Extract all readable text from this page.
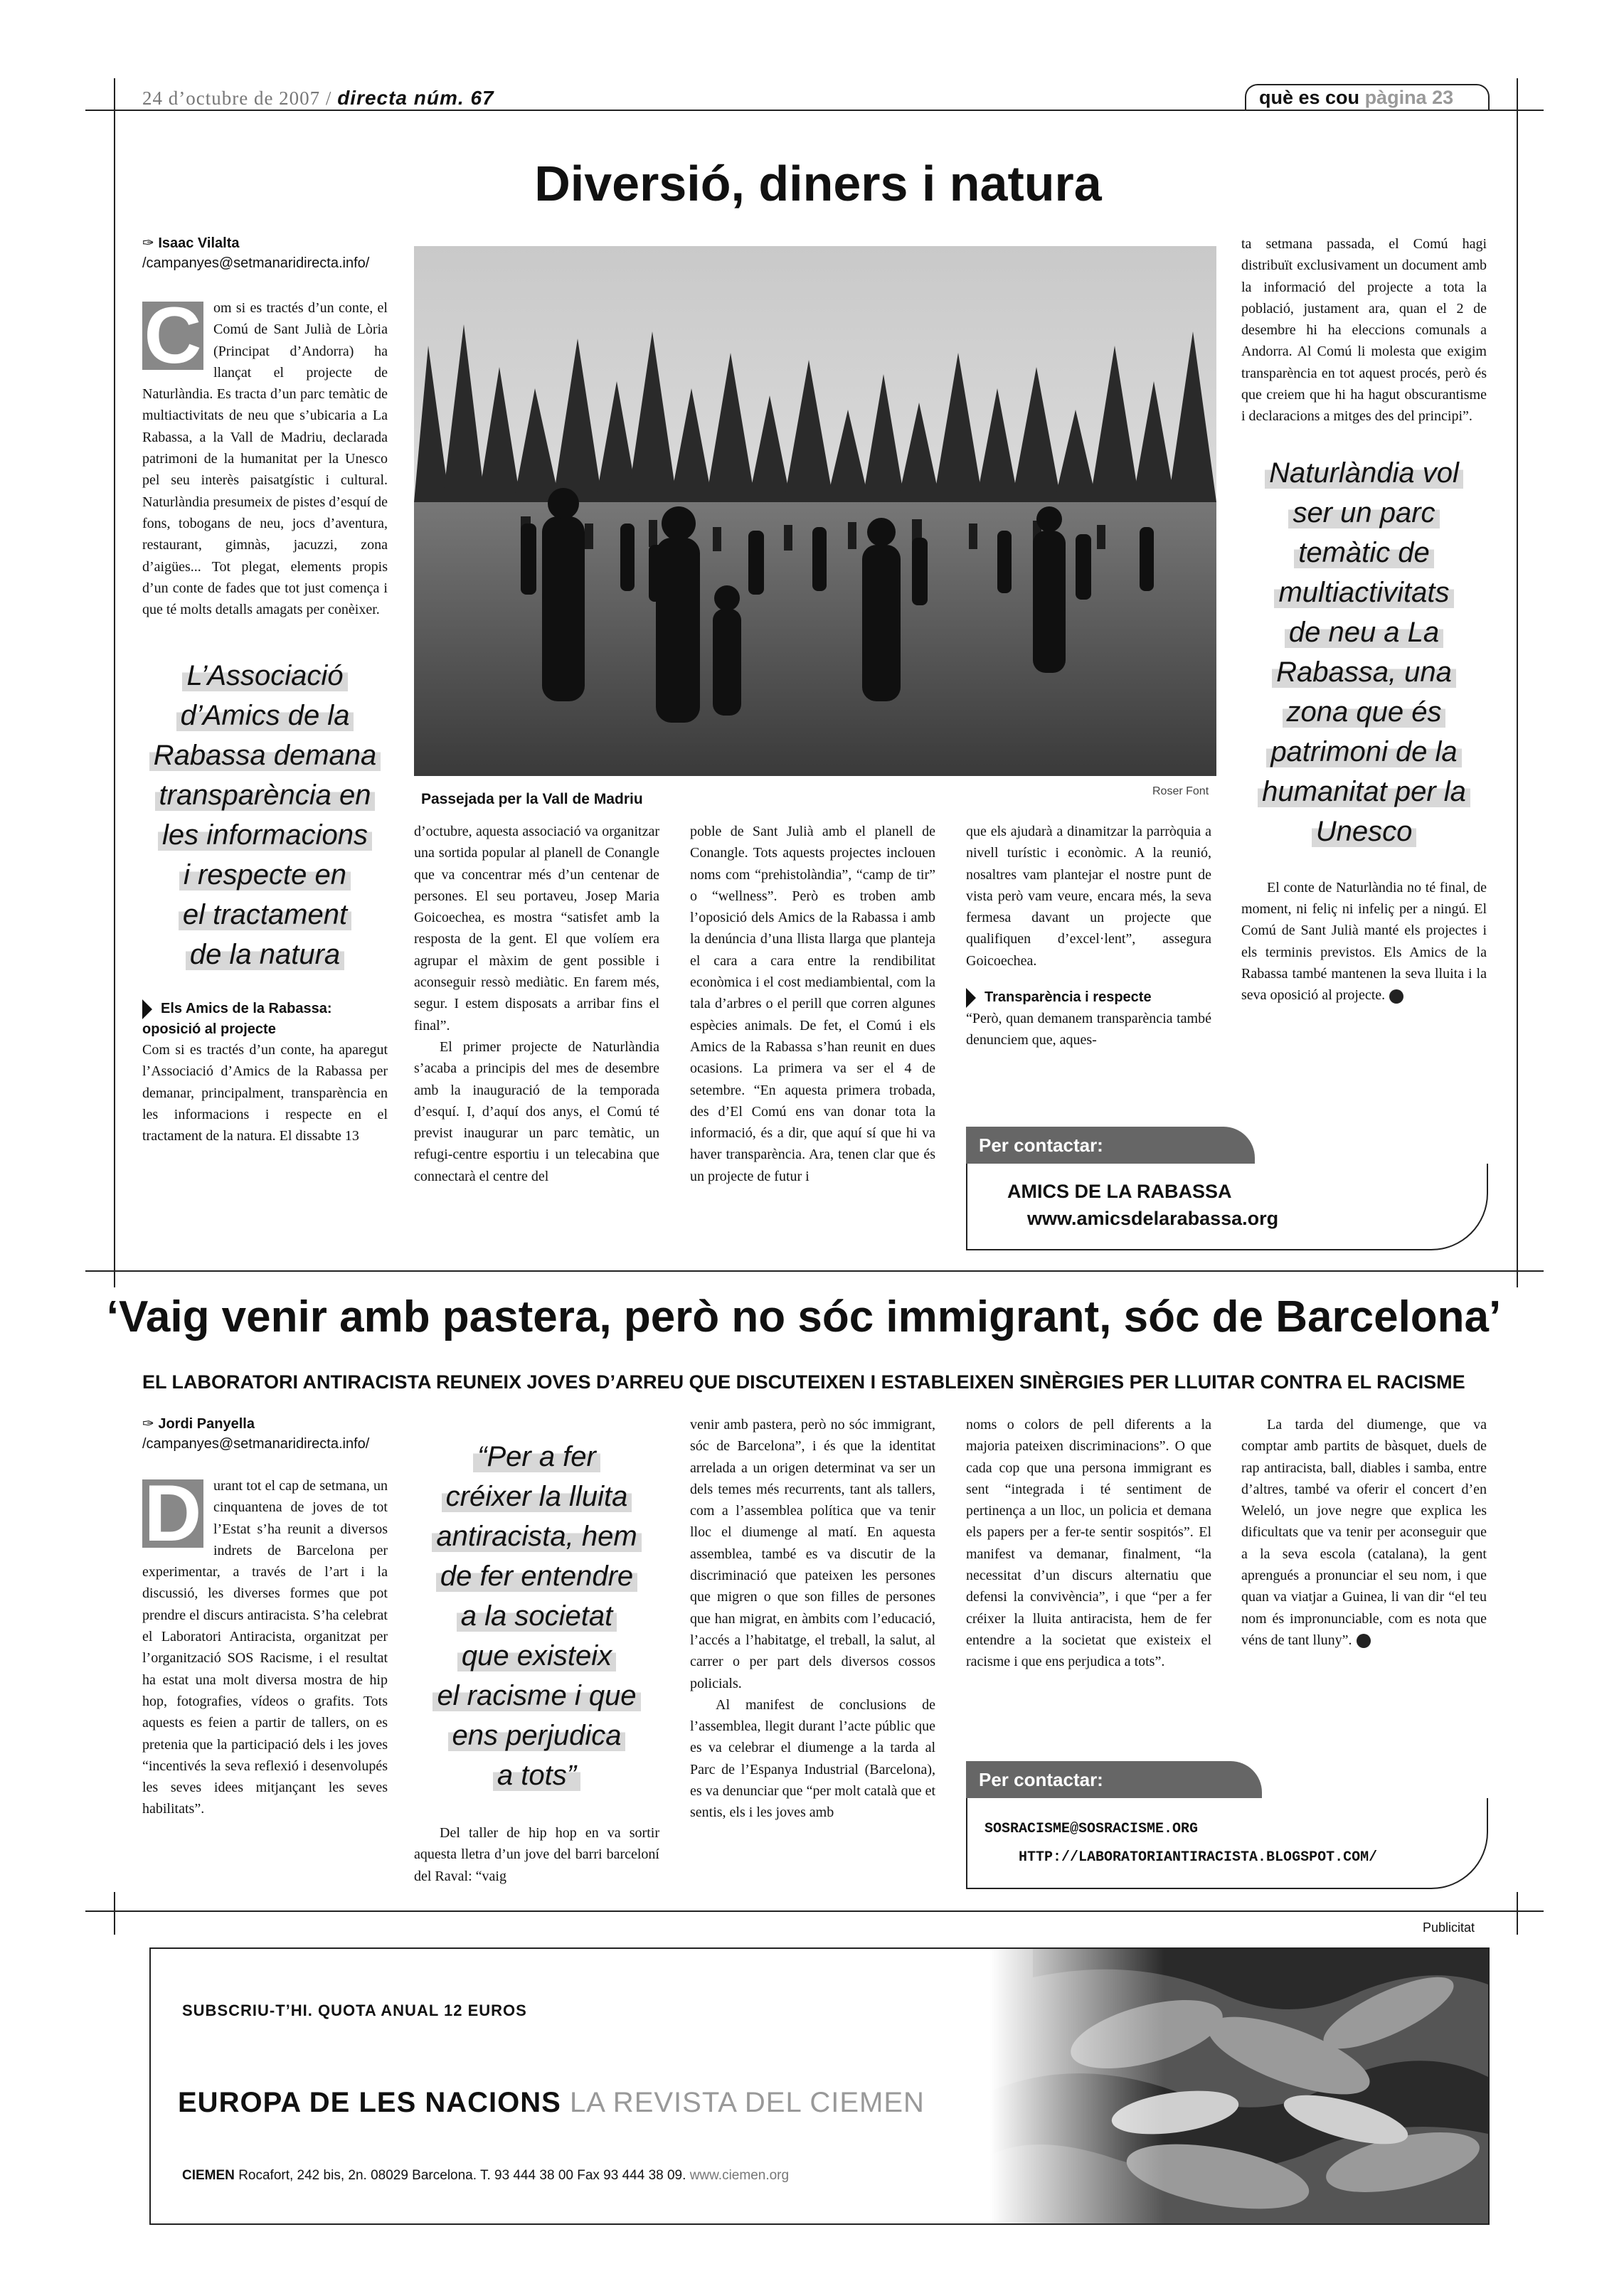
24 d’octubre de 2007 / directa núm. 67	què es cou pàgina 23
Diversió, diners i natura
✑ Isaac Vilalta
/campanyes@setmanaridirecta.info/
C om si es tractés d’un conte, el Comú de Sant Julià de Lòria (Principat d’Andorra) ha llançat el projecte de Naturlàndia. Es tracta d’un parc temàtic de multiactivitats de neu que s’ubicaria a La Rabassa, a la Vall de Madriu, declarada patrimoni de la humanitat per la Unesco pel seu interès paisatgístic i cultural. Naturlàndia presumeix de pistes d’esquí de fons, tobogans de neu, jocs d’aventura, restaurant, gimnàs, jacuzzi, zona d’aigües... Tot plegat, elements propis d’un conte de fades que tot just comença i que té molts detalls amagats per conèixer.
L’Associació
d’Amics de la
Rabassa demana
transparència en
les informacions
i respecte en
el tractament
de la natura
Els Amics de la Rabassa: oposició al projecte
Com si es tractés d’un conte, ha aparegut l’Associació d’Amics de la Rabassa per demanar, principalment, transparència en les informacions i respecte en el tractament de la natura. El dissabte 13
Passejada per la Vall de Madriu	Roser Font

d’octubre, aquesta associació va organitzar una sortida popular al planell de Conangle que va concentrar més d’un centenar de persones. El seu portaveu, Josep Maria Goicoechea, es mostra “satisfet amb la resposta de la gent. El que volíem era agrupar el màxim de gent possible i aconseguir ressò mediàtic. En farem més, segur. I estem disposats a arribar fins el final”.

El primer projecte de Naturlàndia s’acaba a principis del mes de desembre amb la inauguració de la temporada d’esquí. I, d’aquí dos anys, el Comú té previst inaugurar un parc temàtic, un refugi-centre esportiu i un telecabina que connectarà el centre del

poble de Sant Julià amb el planell de Conangle. Tots aquests projectes inclouen noms com “prehistolàndia”, “camp de tir” o “wellness”. Però es troben amb l’oposició dels Amics de la Rabassa i amb la denúncia d’una llista llarga que planteja el cara a cara entre la rendibilitat econòmica i el cost mediambiental, com la tala d’arbres o el perill que corren algunes espècies animals. De fet, el Comú i els Amics de la Rabassa s’han reunit en dues ocasions. La primera va ser el 4 de setembre. “En aquesta primera trobada, des d’El Comú ens van donar tota la informació, és a dir, que aquí sí que hi va haver transparència. Ara, tenen clar que és un projecte de futur i
que els ajudarà a dinamitzar la parròquia a nivell turístic i econòmic. A la reunió, nosaltres vam plantejar el nostre punt de vista però vam veure, encara més, la seva fermesa davant un projecte que qualifiquen d’excel·lent”, assegura Goicoechea.
Transparència i respecte
“Però, quan demanem transparència també denunciem que, aques-
ta setmana passada, el Comú hagi distribuït exclusivament un document amb la informació del projecte a tota la població, justament ara, quan el 2 de desembre hi ha eleccions comunals a Andorra. Al Comú li molesta que exigim transparència en tot aquest procés, però és que creiem que hi ha hagut obscurantisme i declaracions a mitges des del principi”.
Naturlàndia vol
ser un parc
temàtic de
multiactivitats
de neu a La
Rabassa, una
zona que és
patrimoni de la
humanitat per la
Unesco

El conte de Naturlàndia no té final, de moment, ni feliç ni infeliç per a ningú. El Comú de Sant Julià manté els projectes i els terminis previstos. Els Amics de la Rabassa també mantenen la seva lluita i la seva oposició al projecte.

Per contactar:
AMICS DE LA RABASSA
www.amicsdelarabassa.org
‘Vaig venir amb pastera, però no sóc immigrant, sóc de Barcelona’
EL LABORATORI ANTIRACISTA REUNEIX JOVES D’ARREU QUE DISCUTEIXEN I ESTABLEIXEN SINÈRGIES PER LLUITAR CONTRA EL RACISME
✑ Jordi Panyella
/campanyes@setmanaridirecta.info/
D urant tot el cap de setmana, un cinquantena de joves de tot l’Estat s’ha reunit a diversos indrets de Barcelona per experimentar, a través de l’art i la discussió, les diverses formes que pot prendre el discurs antiracista. S’ha celebrat el Laboratori Antiracista, organitzat per l’organització SOS Racisme, i el resultat ha estat una molt diversa mostra de hip hop, fotografies, vídeos o grafits. Tots aquests es feien a partir de tallers, on es pretenia que la participació dels i les joves “incentivés la seva reflexió i desenvolupés les seves idees mitjançant les seves habilitats”.
“Per a fer
créixer la lluita
antiracista, hem
de fer entendre
a la societat
que existeix
el racisme i que
ens perjudica
a tots”

Del taller de hip hop en va sortir aquesta lletra d’un jove del barri barceloní del Raval: “vaig

venir amb pastera, però no sóc immigrant, sóc de Barcelona”, i és que la identitat arrelada a un origen determinat va ser un dels temes més recurrents, tant als tallers, com a l’assemblea política que va tenir lloc el diumenge al matí. En aquesta assemblea, també es va discutir de la discriminació que pateixen les persones que migren o que son filles de persones que han migrat, en àmbits com l’educació, l’accés a l’habitatge, el treball, la salut, al carrer o per part dels diversos cossos policials.

Al manifest de conclusions de l’assemblea, llegit durant l’acte públic que es va celebrar el diumenge a la tarda al Parc de l’Espanya Industrial (Barcelona), es va denunciar que “per molt català que et sentis, els i les joves amb

noms o colors de pell diferents a la majoria pateixen discriminacions”. O que cada cop que una persona immigrant es sent “integrada i té sentiment de pertinença a un lloc, un policia et demana els papers per a fer-te sentir sospitós”. El manifest va demanar, finalment, “la necessitat d’un discurs alternatiu que defensi la convivència”, i que “per a fer créixer la lluita antiracista, hem de fer entendre a la societat que existeix el racisme i que ens perjudica a tots”.

La tarda del diumenge, que va comptar amb partits de bàsquet, duels de rap antiracista, ball, diables i samba, entre d’altres, també va oferir el concert d’en Weleló, un jove negre que explica les dificultats que va tenir per aconseguir que a la seva escola (catalana), la gent aprengués a pronunciar el seu nom, i que quan va viatjar a Guinea, li van dir “el teu nom és impronunciable, com es nota que véns de tant lluny”.

Per contactar:
SOSRACISME@SOSRACISME.ORG
HTTP://LABORATORIANTIRACISTA.BLOGSPOT.COM/
Publicitat
SUBSCRIU-T’HI. QUOTA ANUAL 12 EUROS
EUROPA DE LES NACIONS LA REVISTA DEL CIEMEN
CIEMEN Rocafort, 242 bis, 2n. 08029 Barcelona. T. 93 444 38 00 Fax 93 444 38 09. www.ciemen.org
